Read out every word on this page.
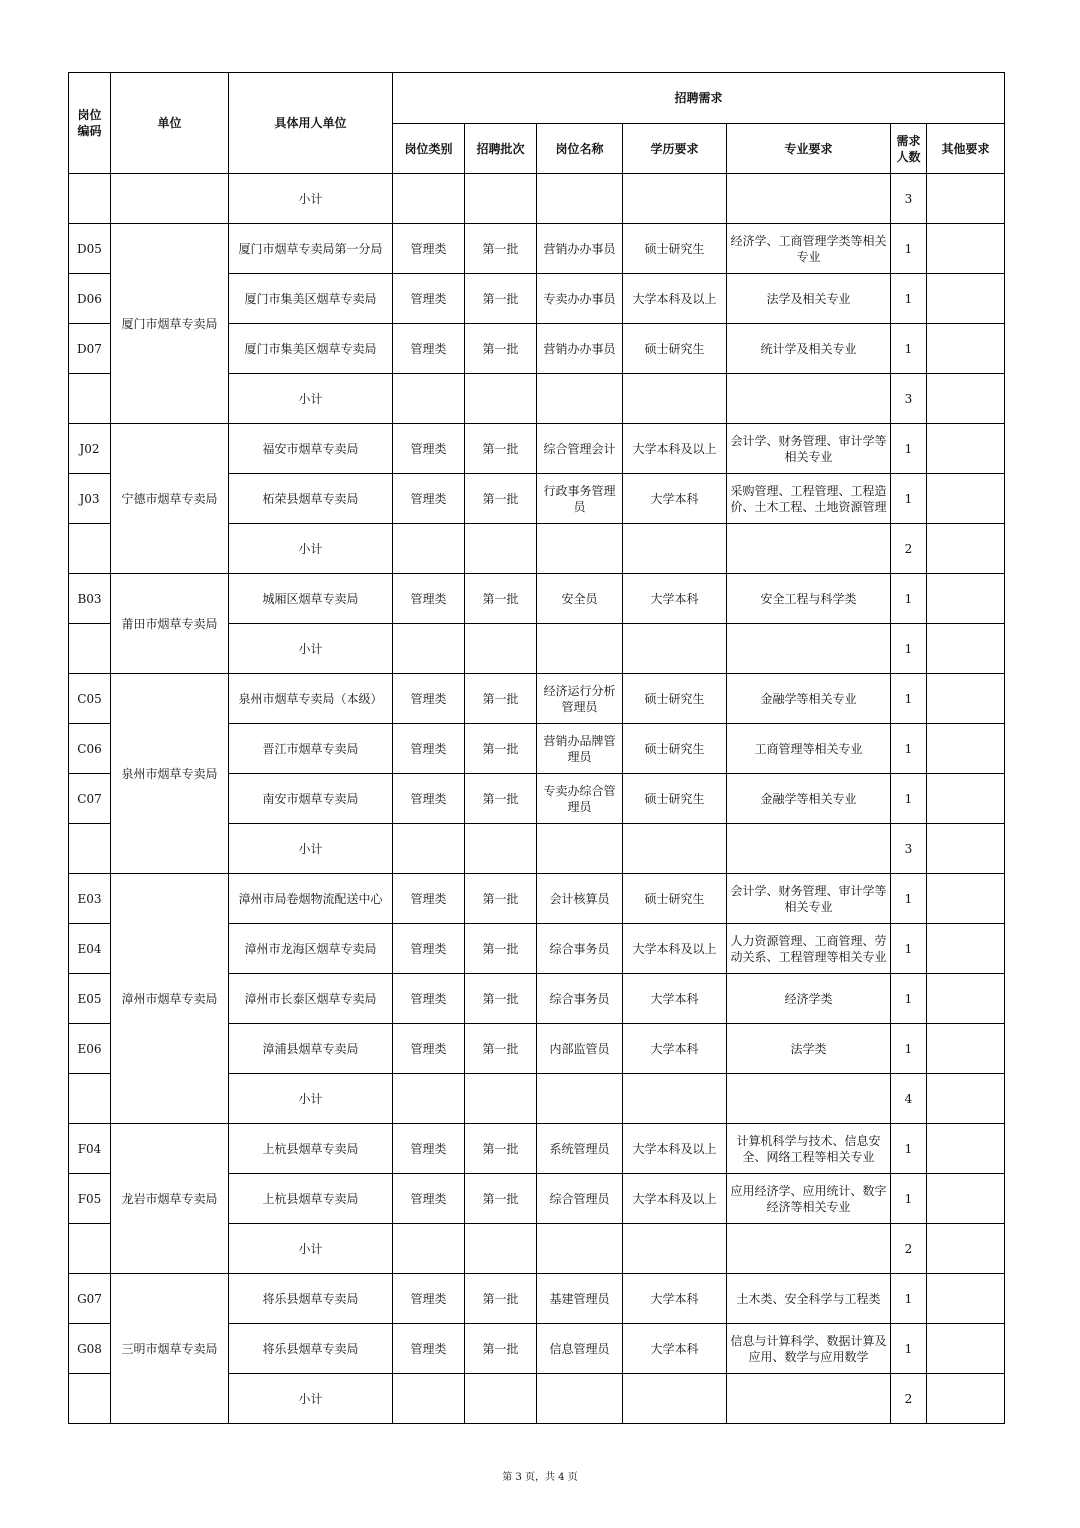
岗位编码	单位	具体用人单位	招聘需求						
			岗位类别	招聘批次	岗位名称	学历要求	专业要求	需求人数	其他要求
		小计						3	
D05	厦门市烟草专卖局	厦门市烟草专卖局第一分局	管理类	第一批	营销办办事员	硕士研究生	经济学、工商管理学类等相关专业	1	
D06		厦门市集美区烟草专卖局	管理类	第一批	专卖办办事员	大学本科及以上	法学及相关专业	1	
D07		厦门市集美区烟草专卖局	管理类	第一批	营销办办事员	硕士研究生	统计学及相关专业	1	
		小计						3	
J02	宁德市烟草专卖局	福安市烟草专卖局	管理类	第一批	综合管理会计	大学本科及以上	会计学、财务管理、审计学等相关专业	1	
J03		柘荣县烟草专卖局	管理类	第一批	行政事务管理员	大学本科	采购管理、工程管理、工程造价、土木工程、土地资源管理	1	
		小计						2	
B03	莆田市烟草专卖局	城厢区烟草专卖局	管理类	第一批	安全员	大学本科	安全工程与科学类	1	
		小计						1	
C05	泉州市烟草专卖局	泉州市烟草专卖局（本级）	管理类	第一批	经济运行分析管理员	硕士研究生	金融学等相关专业	1	
C06		晋江市烟草专卖局	管理类	第一批	营销办品牌管理员	硕士研究生	工商管理等相关专业	1	
C07		南安市烟草专卖局	管理类	第一批	专卖办综合管理员	硕士研究生	金融学等相关专业	1	
		小计						3	
E03	漳州市烟草专卖局	漳州市局卷烟物流配送中心	管理类	第一批	会计核算员	硕士研究生	会计学、财务管理、审计学等相关专业	1	
E04		漳州市龙海区烟草专卖局	管理类	第一批	综合事务员	大学本科及以上	人力资源管理、工商管理、劳动关系、工程管理等相关专业	1	
E05		漳州市长泰区烟草专卖局	管理类	第一批	综合事务员	大学本科	经济学类	1	
E06		漳浦县烟草专卖局	管理类	第一批	内部监管员	大学本科	法学类	1	
		小计						4	
F04	龙岩市烟草专卖局	上杭县烟草专卖局	管理类	第一批	系统管理员	大学本科及以上	计算机科学与技术、信息安全、网络工程等相关专业	1	
F05		上杭县烟草专卖局	管理类	第一批	综合管理员	大学本科及以上	应用经济学、应用统计、数字经济等相关专业	1	
		小计						2	
G07	三明市烟草专卖局	将乐县烟草专卖局	管理类	第一批	基建管理员	大学本科	土木类、安全科学与工程类	1	
G08		将乐县烟草专卖局	管理类	第一批	信息管理员	大学本科	信息与计算科学、数据计算及应用、数学与应用数学	1	
		小计						2	
第 3 页，共 4 页
